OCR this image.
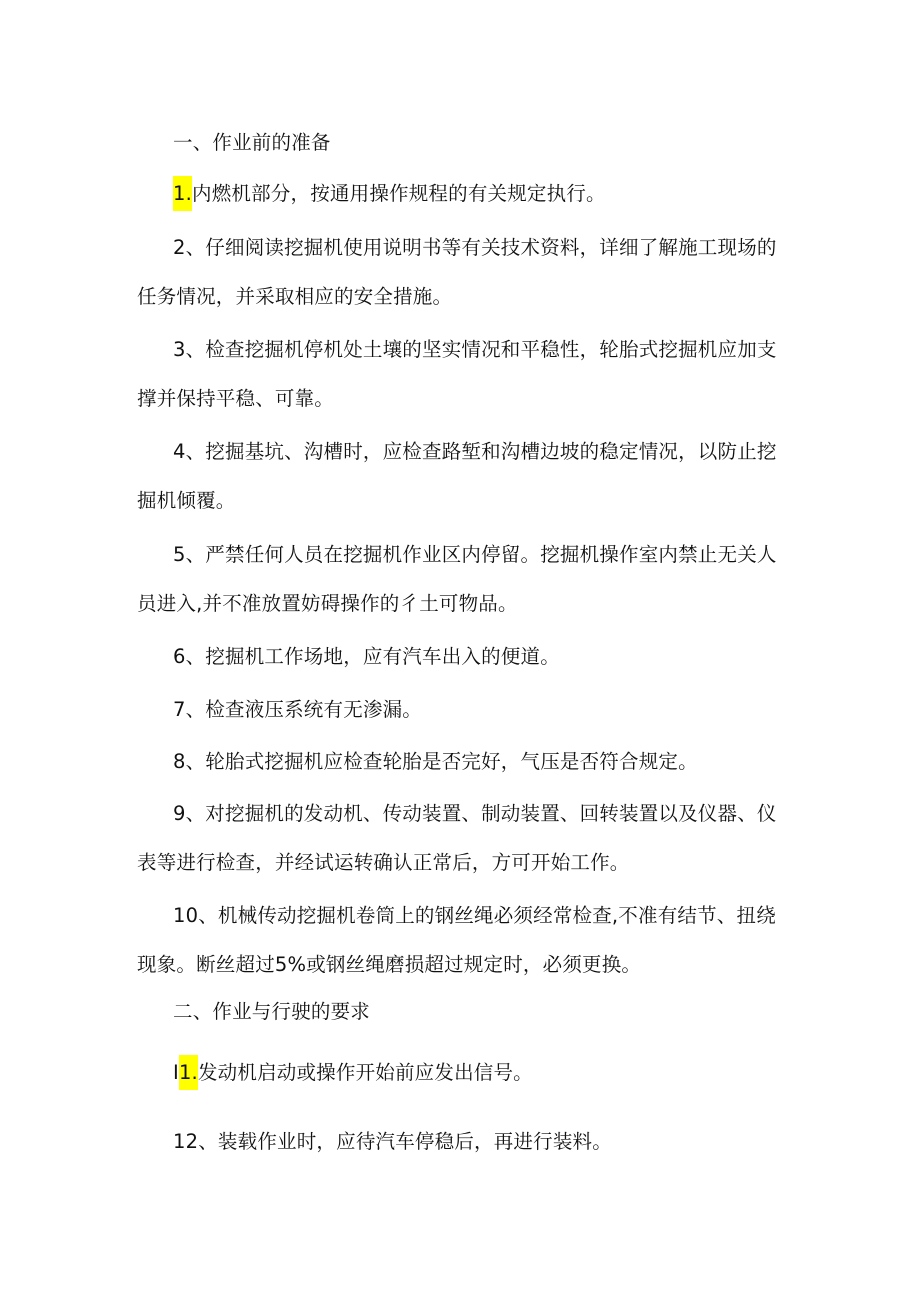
一、作业前的准备
1.内燃机部分，按通用操作规程的有关规定执行。
2、仔细阅读挖掘机使用说明书等有关技术资料，详细了解施工现场的
任务情况，并采取相应的安全措施。
3、检查挖掘机停机处土壤的坚实情况和平稳性，轮胎式挖掘机应加支
撑并保持平稳、可靠。
4、挖掘基坑、沟槽时，应检查路堑和沟槽边坡的稳定情况，以防止挖
掘机倾覆。
5、严禁任何人员在挖掘机作业区内停留。挖掘机操作室内禁止无关人
员进入,并不准放置妨碍操作的彳土可物品。
6、挖掘机工作场地，应有汽车出入的便道。
7、检查液压系统有无渗漏。
8、轮胎式挖掘机应检查轮胎是否完好，气压是否符合规定。
9、对挖掘机的发动机、传动装置、制动装置、回转装置以及仪器、仪
表等进行检查，并经试运转确认正常后，方可开始工作。
10、机械传动挖掘机卷筒上的钢丝绳必须经常检查,不准有结节、扭绕
现象。断丝超过5%或钢丝绳磨损超过规定时，必须更换。
二、作业与行驶的要求
I1.发动机启动或操作开始前应发出信号。
12、装载作业时，应待汽车停稳后，再进行装料。
